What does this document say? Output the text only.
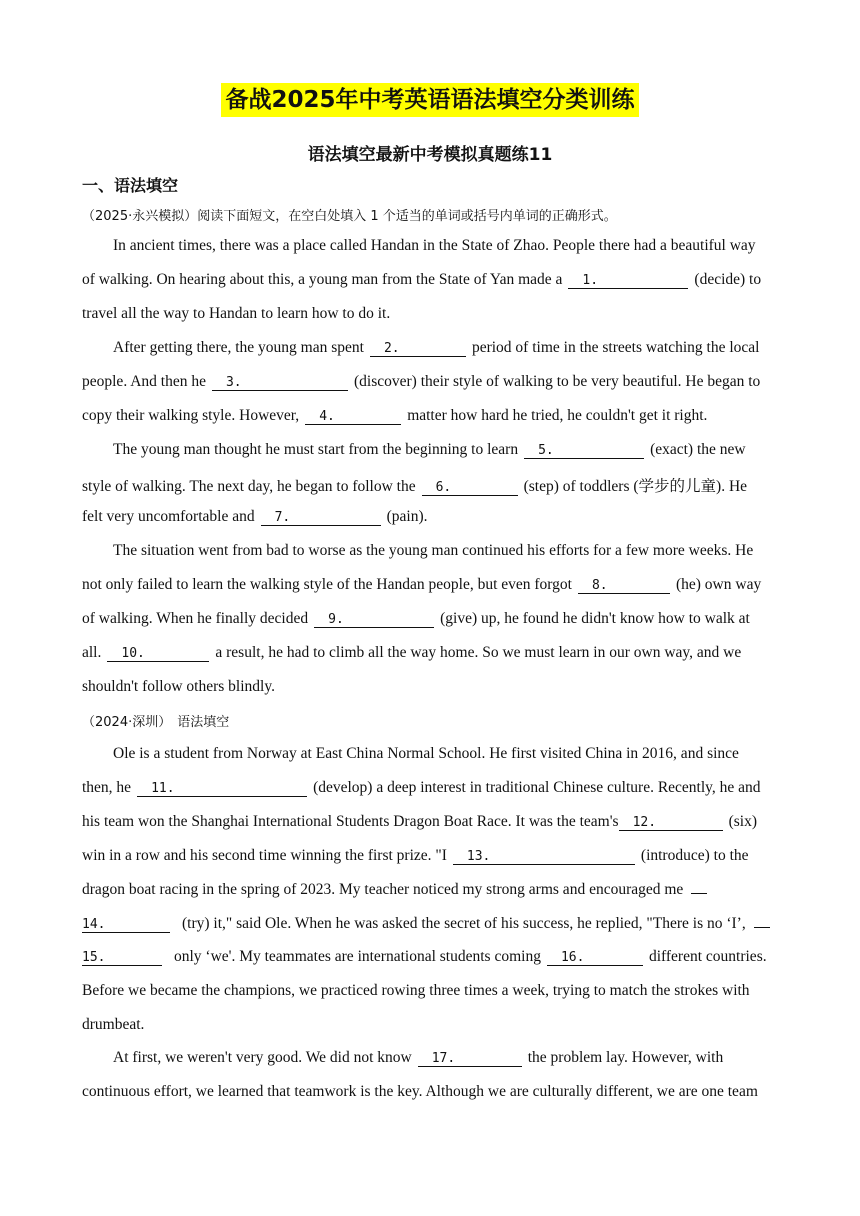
备战2025年中考英语语法填空分类训练
语法填空最新中考模拟真题练11
一、语法填空
（2025·永兴模拟）阅读下面短文，在空白处填入 1 个适当的单词或括号内单词的正确形式。
In ancient times, there was a place called Handan in the State of Zhao. People there had a beautiful way
of walking. On hearing about this, a young man from the State of Yan made a 1.	(decide) to
travel all the way to Handan to learn how to do it.
After getting there, the young man spent 2.	period of time in the streets watching the local
people. And then he 3.	(discover) their style of walking to be very beautiful. He began to
copy their walking style. However, 4.	matter how hard he tried, he couldn't get it right.
The young man thought he must start from the beginning to learn 5.	(exact) the new
style of walking. The next day, he began to follow the 6.	(step) of toddlers (学步的儿童). He
felt very uncomfortable and 7.	(pain).
The situation went from bad to worse as the young man continued his efforts for a few more weeks. He
not only failed to learn the walking style of the Handan people, but even forgot 8.	(he) own way
of walking. When he finally decided 9.	(give) up, he found he didn't know how to walk at
all. 10.	a result, he had to climb all the way home. So we must learn in our own way, and we
shouldn't follow others blindly.
（2024·深圳） 语法填空
Ole is a student from Norway at East China Normal School. He first visited China in 2016, and since
then, he 11.	(develop) a deep interest in traditional Chinese culture. Recently, he and
his team won the Shanghai International Students Dragon Boat Race. It was the team's 12.	(six)
win in a row and his second time winning the first prize. "I 13.	(introduce) to the
dragon boat racing in the spring of 2023. My teacher noticed my strong arms and encouraged me
14.	(try) it," said Ole. When he was asked the secret of his success, he replied, "There is no ‘I’,
15.	only ‘we'. My teammates are international students coming 16.	different countries.
Before we became the champions, we practiced rowing three times a week, trying to match the strokes with
drumbeat.
At first, we weren't very good. We did not know 17.	the problem lay. However, with
continuous effort, we learned that teamwork is the key. Although we are culturally different, we are one team
